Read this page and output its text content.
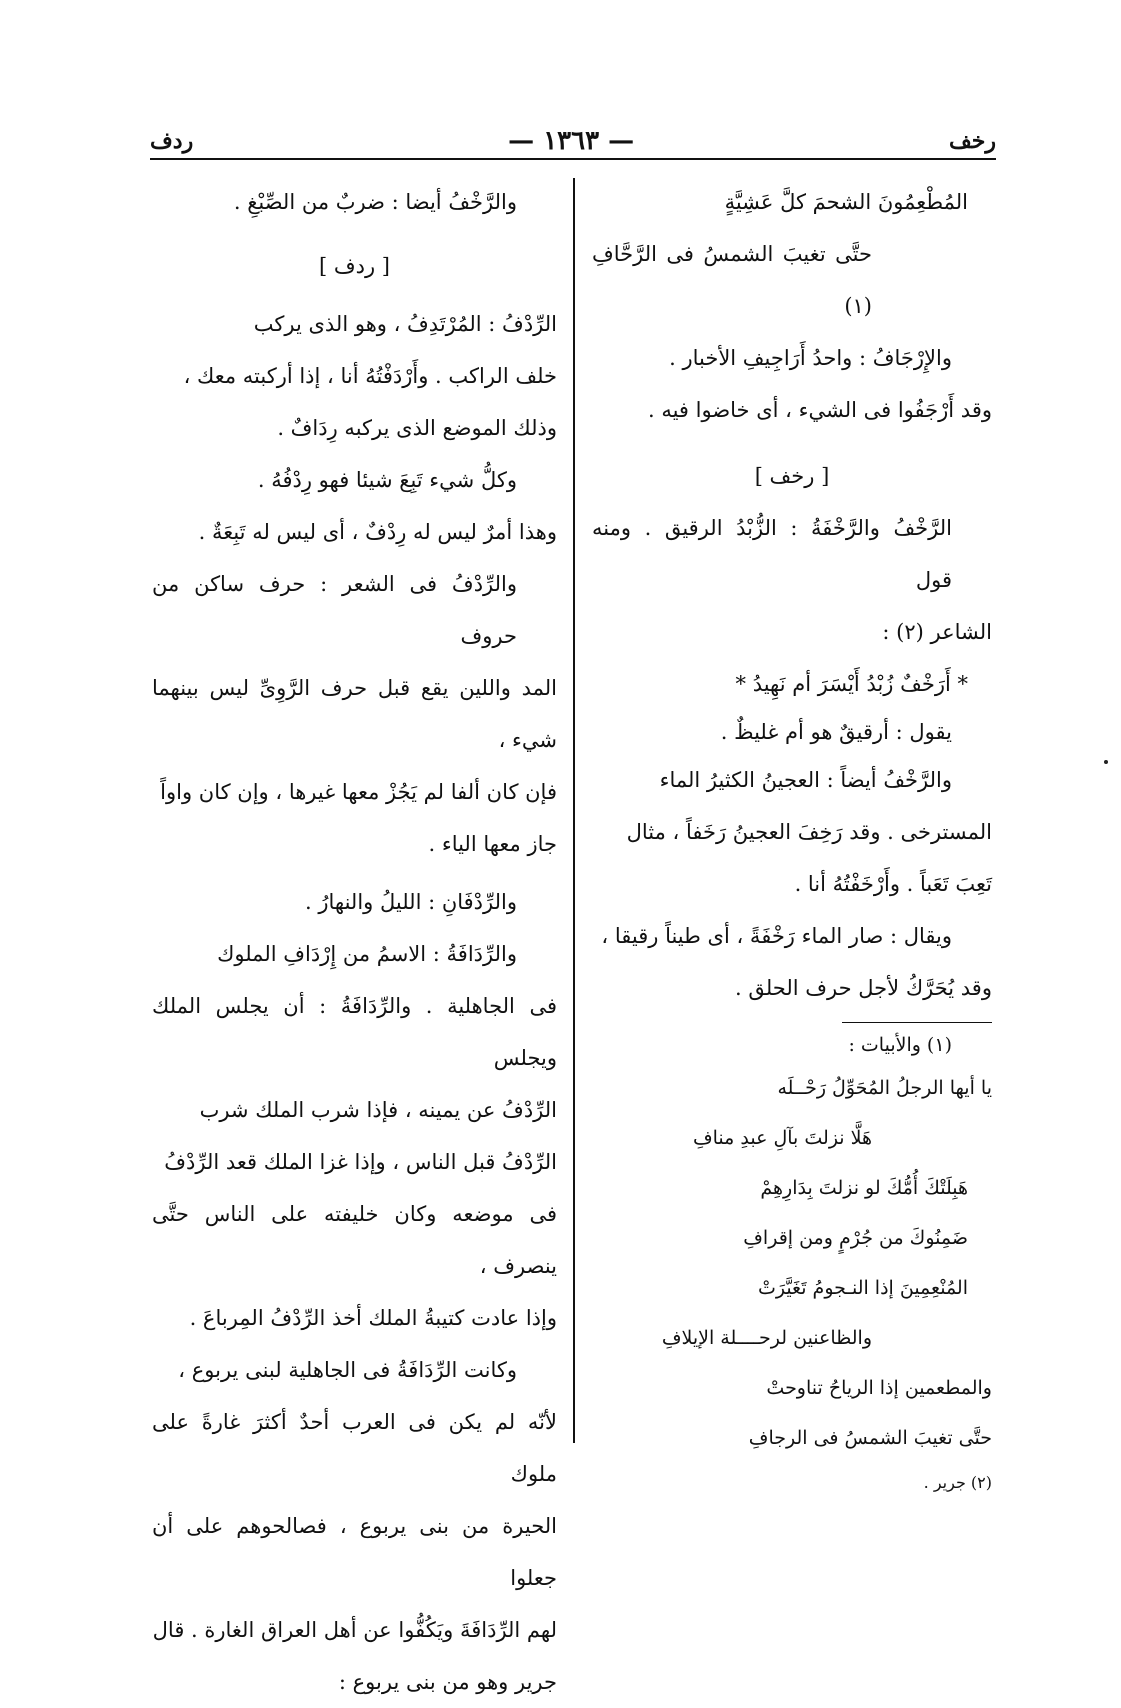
ردف	— ١٣٦٣ —	رخف

المُطْعِمُونَ الشحمَ كلَّ عَشِيَّةٍ

حتَّى تغيبَ الشمسُ فى الرَّحَّافِ (١)

والإِرْجَافُ : واحدُ أَرَاجِيفِ الأخبار .

وقد أَرْجَفُوا فى الشيء ، أى خاضوا فيه .

[ رخف ]

الرَّخْفُ والرَّخْفَةُ : الزُّبْدُ الرقيق . ومنه قول

الشاعر (٢) :

* أَرَخْفٌ زُبْدُ أَيْسَرَ أم نَهِيدُ *

يقول : أرقيقٌ هو أم غليظٌ .

والرَّخْفُ أيضاً : العجينُ الكثيرُ الماء

المسترخى . وقد رَخِفَ العجينُ رَخَفاً ، مثال

تَعِبَ تَعَباً . وأَرْخَفْتُهُ أنا .

ويقال : صار الماء رَخْفَةً ، أى طيناً رقيقا ،

وقد يُحَرَّكُ لأجل حرف الحلق .

(١) والأبيات :

يا أيها الرجلُ المُحَوِّلُ رَحْــلَه

هَلَّا نزلتَ بآلِ عبدِ منافِ

هَبِلَتْكَ أُمُّكَ لو نزلتَ بِدَارِهِمْ

ضَمِنُوكَ من جُرْمٍ ومن إقرافِ

المُنْعِمِينَ إذا النـجومُ تَغَيَّرَتْ

والظاعنين لرحــــلة الإيلافِ

والمطعمين إذا الرياحُ تناوحتْ

حتَّى تغيبَ الشمسُ فى الرجافِ

(٢) جرير .

والرَّخْفُ أيضا : ضربٌ من الصِّبْغِ .

[ ردف ]

الرِّدْفُ : المُرْتَدِفُ ، وهو الذى يركب

خلف الراكب . وأَرْدَفْتُهُ أنا ، إذا أركبته معك ،

وذلك الموضع الذى يركبه رِدَافٌ .

وكلُّ شيء تَبِعَ شيئا فهو رِدْفُهُ .

وهذا أمرٌ ليس له رِدْفٌ ، أى ليس له تَبِعَةٌ .

والرِّدْفُ فى الشعر : حرف ساكن من حروف

المد واللين يقع قبل حرف الرَّوِىِّ ليس بينهما شيء ،

فإن كان ألفا لم يَجُزْ معها غيرها ، وإن كان واواً

جاز معها الياء .

والرِّدْفَانِ : الليلُ والنهارُ .

والرِّدَافَةُ : الاسمُ من إِرْدَافِ الملوك

فى الجاهلية . والرِّدَافَةُ : أن يجلس الملك ويجلس

الرِّدْفُ عن يمينه ، فإذا شرب الملك شرب

الرِّدْفُ قبل الناس ، وإذا غزا الملك قعد الرِّدْفُ

فى موضعه وكان خليفته على الناس حتَّى ينصرف ،

وإذا عادت كتيبةُ الملك أخذ الرِّدْفُ المِرباعَ .

وكانت الرِّدَافَةُ فى الجاهلية لبنى يربوع ،

لأنّه لم يكن فى العرب أحدٌ أكثرَ غارةً على ملوك

الحيرة من بنى يربوع ، فصالحوهم على أن جعلوا

لهم الرِّدَافَةَ ويَكُفُّوا عن أهل العراق الغارة . قال

جرير وهو من بنى يربوع :
